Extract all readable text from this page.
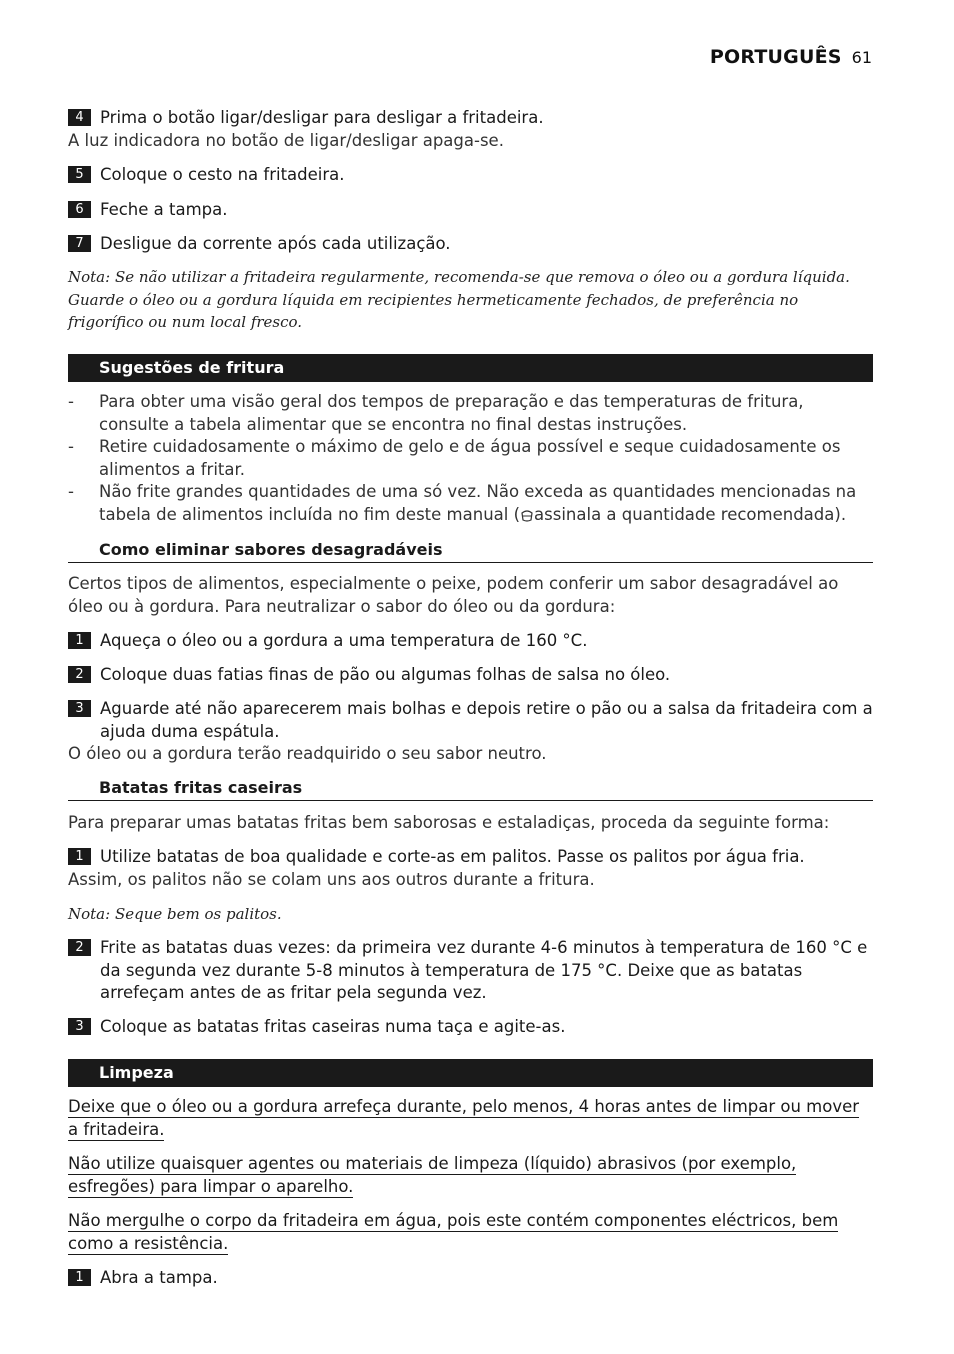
PORTUGUÊS 61
4 Prima o botão ligar/desligar para desligar a fritadeira.
A luz indicadora no botão de ligar/desligar apaga-se.
5 Coloque o cesto na fritadeira.
6 Feche a tampa.
7 Desligue da corrente após cada utilização.
Nota: Se não utilizar a fritadeira regularmente, recomenda-se que remova o óleo ou a gordura líquida. Guarde o óleo ou a gordura líquida em recipientes hermeticamente fechados, de preferência no frigorífico ou num local fresco.
Sugestões de fritura
-	Para obter uma visão geral dos tempos de preparação e das temperaturas de fritura, consulte a tabela alimentar que se encontra no final destas instruções.
-	Retire cuidadosamente o máximo de gelo e de água possível e seque cuidadosamente os alimentos a fritar.
-	Não frite grandes quantidades de uma só vez. Não exceda as quantidades mencionadas na tabela de alimentos incluída no fim deste manual ( assinala a quantidade recomendada).
Como eliminar sabores desagradáveis
Certos tipos de alimentos, especialmente o peixe, podem conferir um sabor desagradável ao óleo ou à gordura. Para neutralizar o sabor do óleo ou da gordura:
1 Aqueça o óleo ou a gordura a uma temperatura de 160 °C.
2 Coloque duas fatias finas de pão ou algumas folhas de salsa no óleo.
3 Aguarde até não aparecerem mais bolhas e depois retire o pão ou a salsa da fritadeira com a ajuda duma espátula.
O óleo ou a gordura terão readquirido o seu sabor neutro.
Batatas fritas caseiras
Para preparar umas batatas fritas bem saborosas e estaladiças, proceda da seguinte forma:
1 Utilize batatas de boa qualidade e corte-as em palitos. Passe os palitos por água fria.
Assim, os palitos não se colam uns aos outros durante a fritura.
Nota: Seque bem os palitos.
2 Frite as batatas duas vezes: da primeira vez durante 4-6 minutos à temperatura de 160 °C e da segunda vez durante 5-8 minutos à temperatura de 175 °C. Deixe que as batatas arrefeçam antes de as fritar pela segunda vez.
3 Coloque as batatas fritas caseiras numa taça e agite-as.
Limpeza
Deixe que o óleo ou a gordura arrefeça durante, pelo menos, 4 horas antes de limpar ou mover a fritadeira.
Não utilize quaisquer agentes ou materiais de limpeza (líquido) abrasivos (por exemplo, esfregões) para limpar o aparelho.
Não mergulhe o corpo da fritadeira em água, pois este contém componentes eléctricos, bem como a resistência.
1 Abra a tampa.
